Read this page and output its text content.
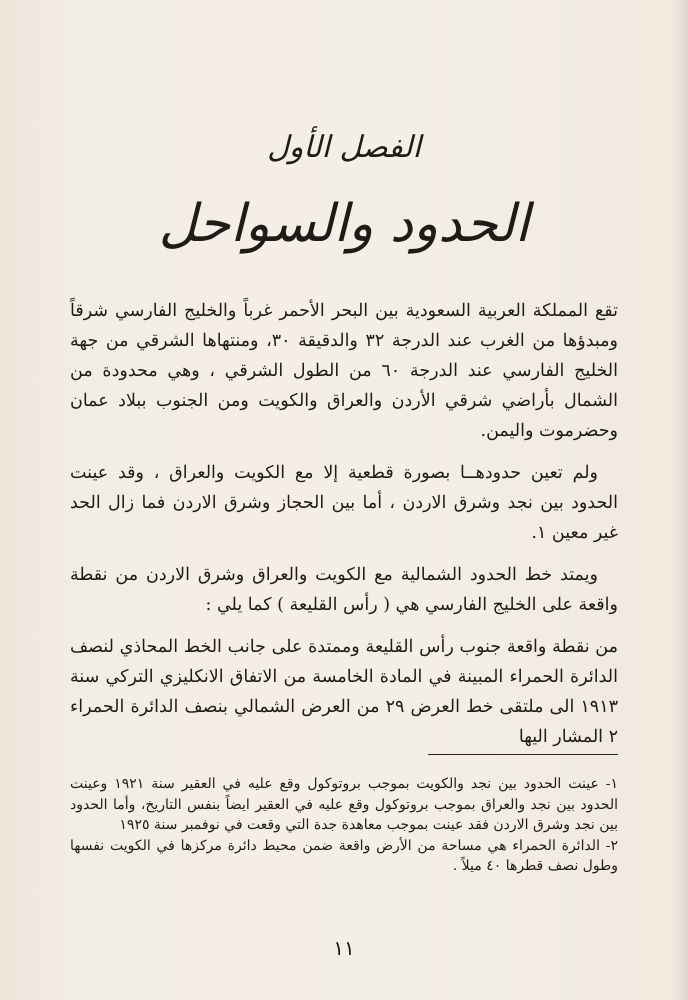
الفصل الأول
الحدود والسواحل

تقع المملكة العربية السعودية بين البحر الأحمر غرباً والخليج الفارسي شرقاً ومبدؤها من الغرب عند الدرجة ٣٢ والدقيقة ٣٠، ومنتهاها الشرقي من جهة الخليج الفارسي عند الدرجة ٦٠ من الطول الشرقي ، وهي محدودة من الشمال بأراضي شرقي الأردن والعراق والكويت ومن الجنوب ببلاد عمان وحضرموت واليمن.

ولم تعين حدودهــا بصورة قطعية إلا مع الكويت والعراق ، وقد عينت الحدود بين نجد وشرق الاردن ، أما بين الحجاز وشرق الاردن فما زال الحد غير معين ١.

ويمتد خط الحدود الشمالية مع الكويت والعراق وشرق الاردن من نقطة واقعة على الخليج الفارسي هي ( رأس القليعة ) كما يلي :

من نقطة واقعة جنوب رأس القليعة وممتدة على جانب الخط المحاذي لنصف الدائرة الحمراء المبينة في المادة الخامسة من الاتفاق الانكليزي التركي سنة ١٩١٣ الى ملتقى خط العرض ٢٩ من العرض الشمالي بنصف الدائرة الحمراء ٢ المشار اليها

١- عينت الحدود بين نجد والكويت بموجب بروتوكول وقع عليه في العقير سنة ١٩٢١ وعينت الحدود بين نجد والعراق بموجب بروتوكول وقع عليه في العقير ايضاً بنفس التاريخ، وأما الحدود بين نجد وشرق الاردن فقد عينت بموجب معاهدة جدة التي وقعت في نوفمبر سنة ١٩٢٥

٢- الدائرة الحمراء هي مساحة من الأرض واقعة ضمن محيط دائرة مركزها في الكويت نفسها وطول نصف قطرها ٤٠ ميلاً .

١١
